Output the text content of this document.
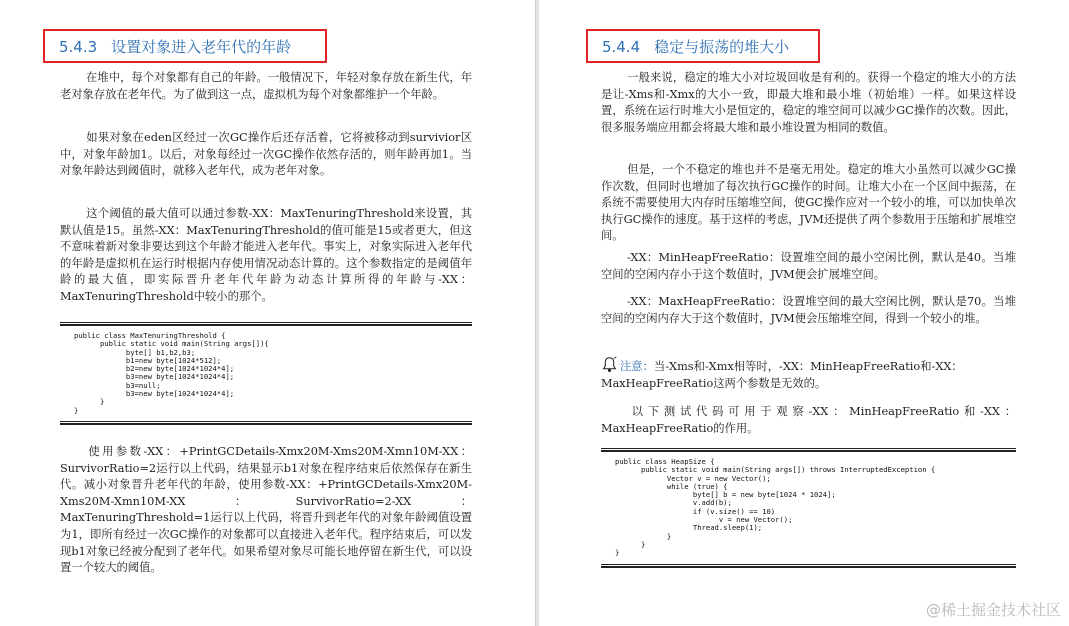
5.4.3 设置对象进入老年代的年龄

在堆中，每个对象都有自己的年龄。一般情况下，年轻对象存放在新生代，年老对象存放在老年代。为了做到这一点，虚拟机为每个对象都维护一个年龄。

如果对象在eden区经过一次GC操作后还存活着，它将被移动到survivior区中，对象年龄加1。以后，对象每经过一次GC操作依然存活的，则年龄再加1。当对象年龄达到阈值时，就移入老年代，成为老年对象。

这个阈值的最大值可以通过参数-XX：MaxTenuringThreshold来设置，其默认值是15。虽然-XX：MaxTenuringThreshold的值可能是15或者更大，但这不意味着新对象非要达到这个年龄才能进入老年代。事实上，对象实际进入老年代的年龄是虚拟机在运行时根据内存使用情况动态计算的。这个参数指定的是阈值年龄的最大值，即实际晋升老年代年龄为动态计算所得的年龄与-XX：MaxTenuringThreshold中较小的那个。

public class MaxTenuringThreshold {
public static void main(String args[]){
byte[] b1,b2,b3;
b1=new byte[1024*512];
b2=new byte[1024*1024*4];
b3=new byte[1024*1024*4];
b3=null;
b3=new byte[1024*1024*4];
}
}

使用参数-XX：+PrintGCDetails-Xmx20M-Xms20M-Xmn10M-XX：SurvivorRatio=2运行以上代码，结果显示b1对象在程序结束后依然保存在新生代。减小对象晋升老年代的年龄，使用参数-XX：+PrintGCDetails-Xmx20M-Xms20M-Xmn10M-XX：SurvivorRatio=2-XX：MaxTenuringThreshold=1运行以上代码，将晋升到老年代的对象年龄阈值设置为1，即所有经过一次GC操作的对象都可以直接进入老年代。程序结束后，可以发现b1对象已经被分配到了老年代。如果希望对象尽可能长地停留在新生代，可以设置一个较大的阈值。

5.4.4 稳定与振荡的堆大小

一般来说，稳定的堆大小对垃圾回收是有利的。获得一个稳定的堆大小的方法是让-Xms和-Xmx的大小一致，即最大堆和最小堆（初始堆）一样。如果这样设置，系统在运行时堆大小是恒定的，稳定的堆空间可以减少GC操作的次数。因此，很多服务端应用都会将最大堆和最小堆设置为相同的数值。

但是，一个不稳定的堆也并不是毫无用处。稳定的堆大小虽然可以减少GC操作次数，但同时也增加了每次执行GC操作的时间。让堆大小在一个区间中振荡，在系统不需要使用大内存时压缩堆空间，使GC操作应对一个较小的堆，可以加快单次执行GC操作的速度。基于这样的考虑，JVM还提供了两个参数用于压缩和扩展堆空间。

-XX：MinHeapFreeRatio：设置堆空间的最小空闲比例，默认是40。当堆空间的空闲内存小于这个数值时，JVM便会扩展堆空间。

-XX：MaxHeapFreeRatio：设置堆空间的最大空闲比例，默认是70。当堆空间的空闲内存大于这个数值时，JVM便会压缩堆空间，得到一个较小的堆。

注意：当-Xms和-Xmx相等时，-XX：MinHeapFreeRatio和-XX：MaxHeapFreeRatio这两个参数是无效的。

以下测试代码可用于观察-XX：MinHeapFreeRatio和-XX：MaxHeapFreeRatio的作用。

public class HeapSize {
public static void main(String args[]) throws InterruptedException {
Vector v = new Vector();
while (true) {
byte[] b = new byte[1024 * 1024];
v.add(b);
if (v.size() == 10)
v = new Vector();
Thread.sleep(1);
}
}
}
@稀土掘金技术社区
